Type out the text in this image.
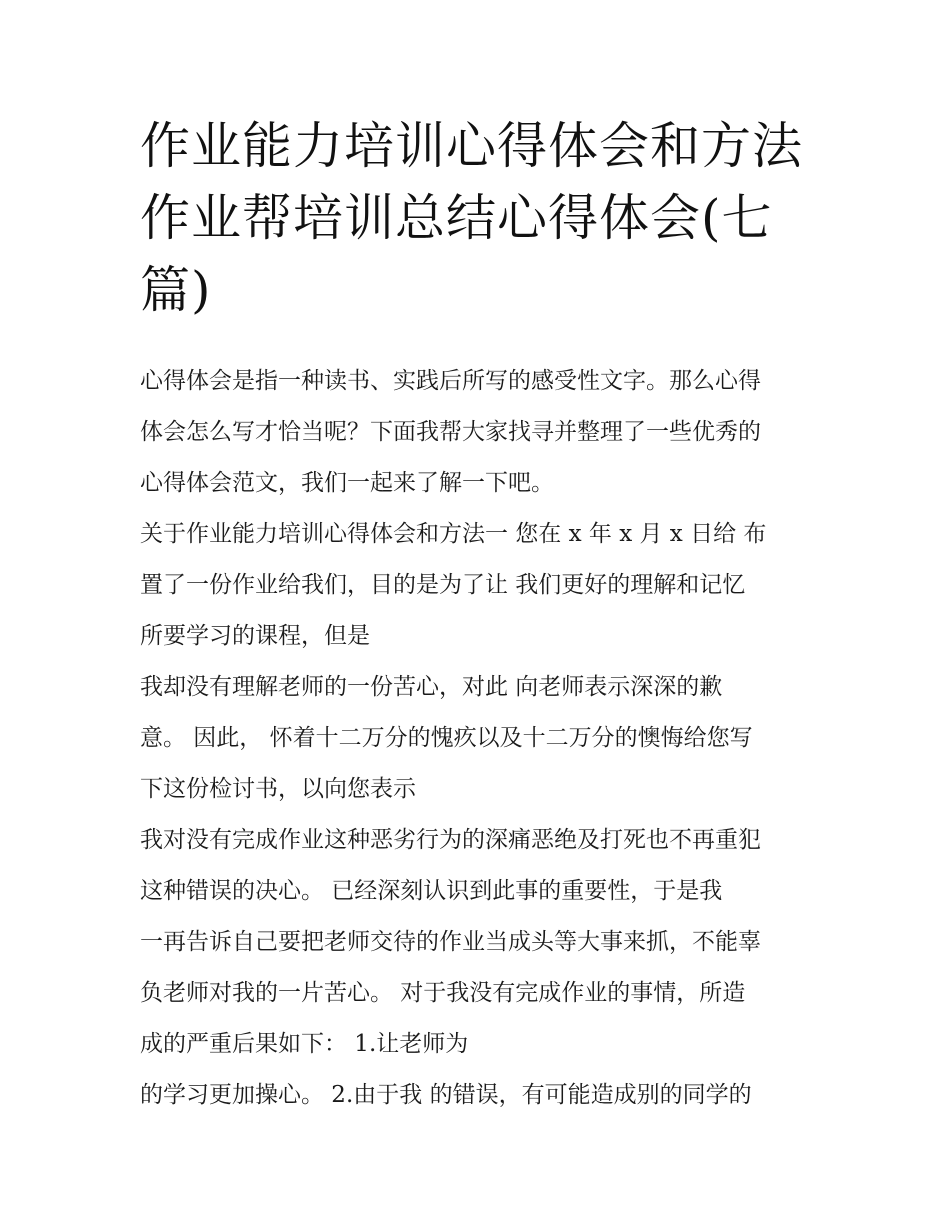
作业能力培训心得体会和方法
作业帮培训总结心得体会(七
篇)
心得体会是指一种读书、实践后所写的感受性文字。那么心得
体会怎么写才恰当呢？下面我帮大家找寻并整理了一些优秀的
心得体会范文，我们一起来了解一下吧。
关于作业能力培训心得体会和方法一 您在 x 年 x 月 x 日给 布
置了一份作业给我们，目的是为了让 我们更好的理解和记忆
所要学习的课程，但是
我却没有理解老师的一份苦心，对此 向老师表示深深的歉
意。 因此， 怀着十二万分的愧疚以及十二万分的懊悔给您写
下这份检讨书，以向您表示
我对没有完成作业这种恶劣行为的深痛恶绝及打死也不再重犯
这种错误的决心。 已经深刻认识到此事的重要性，于是我
一再告诉自己要把老师交待的作业当成头等大事来抓，不能辜
负老师对我的一片苦心。 对于我没有完成作业的事情，所造
成的严重后果如下： 1.让老师为
的学习更加操心。 2.由于我 的错误，有可能造成别的同学的
